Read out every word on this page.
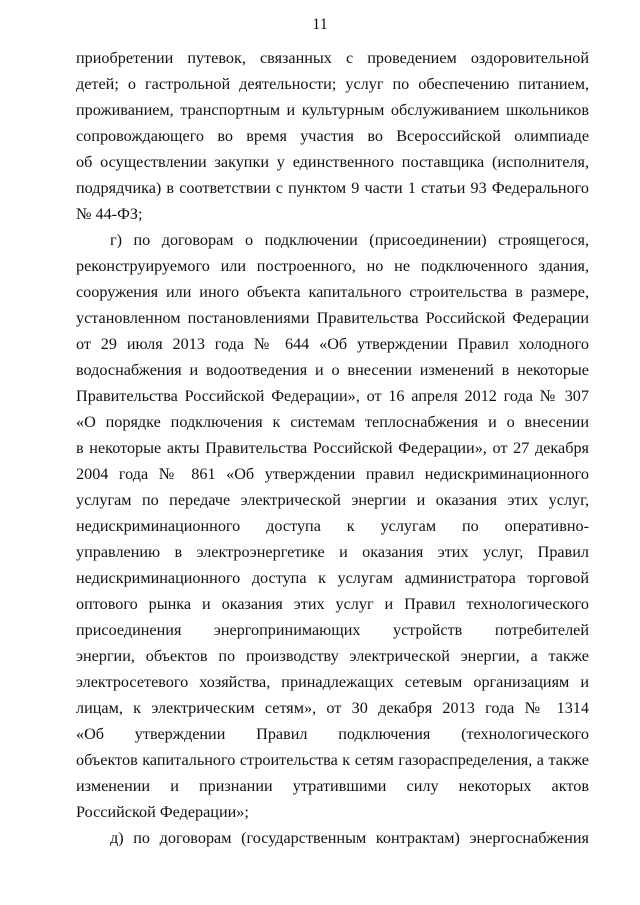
11
приобретении путевок, связанных с проведением оздоровительной
детей; о гастрольной деятельности; услуг по обеспечению питанием,
проживанием, транспортным и культурным обслуживанием школьников
сопровождающего во время участия во Всероссийской олимпиаде
об осуществлении закупки у единственного поставщика (исполнителя,
подрядчика) в соответствии с пунктом 9 части 1 статьи 93 Федерального
№ 44-ФЗ;
г) по договорам о подключении (присоединении) строящегося,
реконструируемого или построенного, но не подключенного здания,
сооружения или иного объекта капитального строительства в размере,
установленном постановлениями Правительства Российской Федерации
от 29 июля 2013 года № 644 «Об утверждении Правил холодного
водоснабжения и водоотведения и о внесении изменений в некоторые
Правительства Российской Федерации», от 16 апреля 2012 года № 307
«О порядке подключения к системам теплоснабжения и о внесении
в некоторые акты Правительства Российской Федерации», от 27 декабря
2004 года № 861 «Об утверждении правил недискриминационного
услугам по передаче электрической энергии и оказания этих услуг,
недискриминационного доступа к услугам по оперативно-
управлению в электроэнергетике и оказания этих услуг, Правил
недискриминационного доступа к услугам администратора торговой
оптового рынка и оказания этих услуг и Правил технологического
присоединения энергопринимающих устройств потребителей
энергии, объектов по производству электрической энергии, а также
электросетевого хозяйства, принадлежащих сетевым организациям и
лицам, к электрическим сетям», от 30 декабря 2013 года № 1314
«Об утверждении Правил подключения (технологического
объектов капитального строительства к сетям газораспределения, а также
изменении и признании утратившими силу некоторых актов
Российской Федерации»;
д) по договорам (государственным контрактам) энергоснабжения
